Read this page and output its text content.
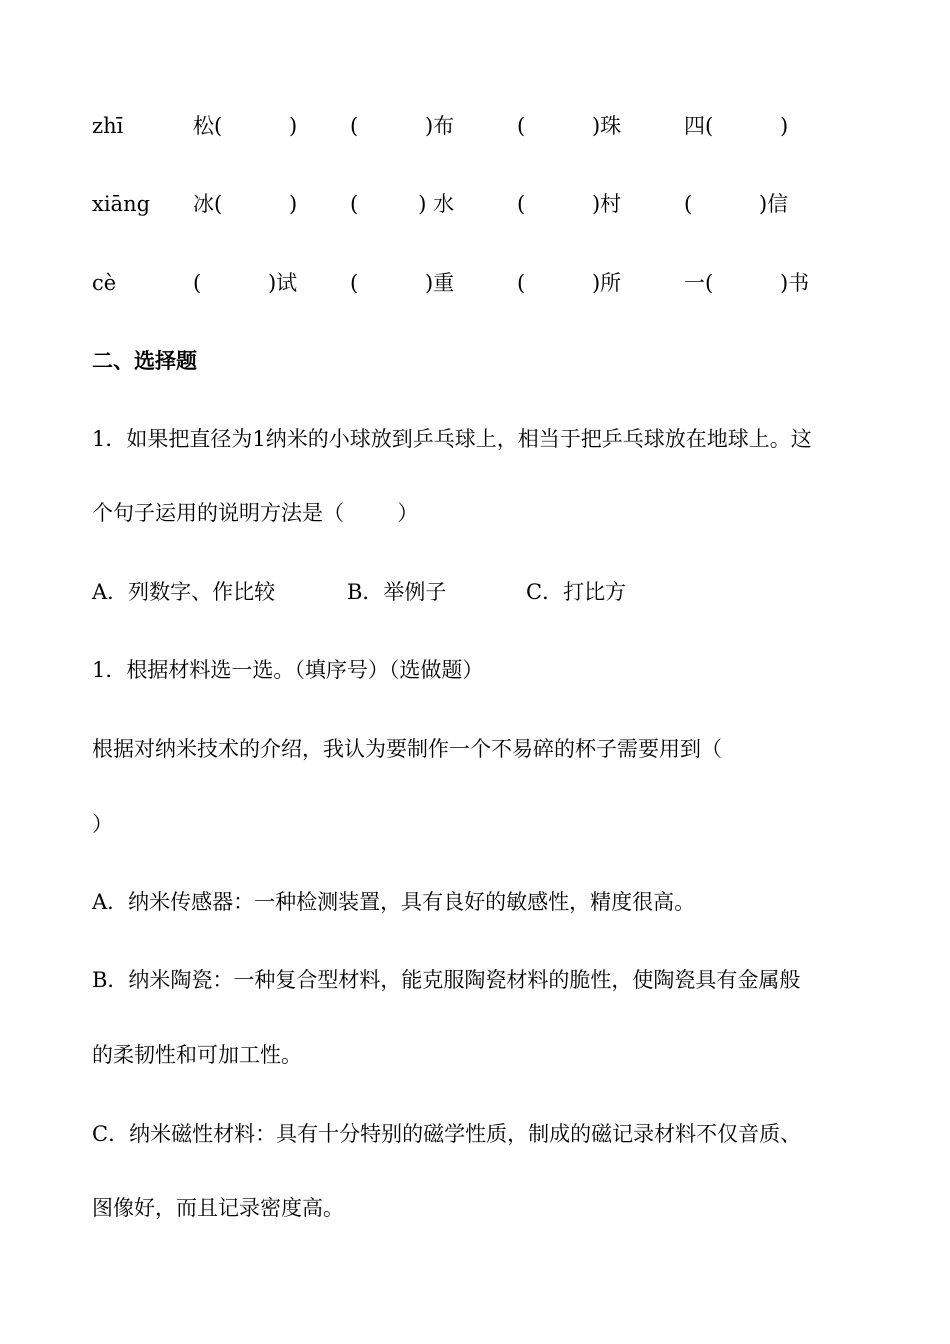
zhī	松(          )	(          )布	(          )珠	四(          )
xiāng 冰(          )	(         ) 水	(          )村	(          )信
cè	(          )试	(          )重	(          )所	一(          )书
二、选择题
1．如果把直径为1纳米的小球放到乒乓球上，相当于把乒乓球放在地球上。这
个句子运用的说明方法是（        ）
A．列数字、作比较	B．举例子	C．打比方
1．根据材料选一选。（填序号）（选做题）
根据对纳米技术的介绍，我认为要制作一个不易碎的杯子需要用到（
）
A．纳米传感器：一种检测装置，具有良好的敏感性，精度很高。
B．纳米陶瓷：一种复合型材料，能克服陶瓷材料的脆性，使陶瓷具有金属般
的柔韧性和可加工性。
C．纳米磁性材料：具有十分特别的磁学性质，制成的磁记录材料不仅音质、
图像好，而且记录密度高。
